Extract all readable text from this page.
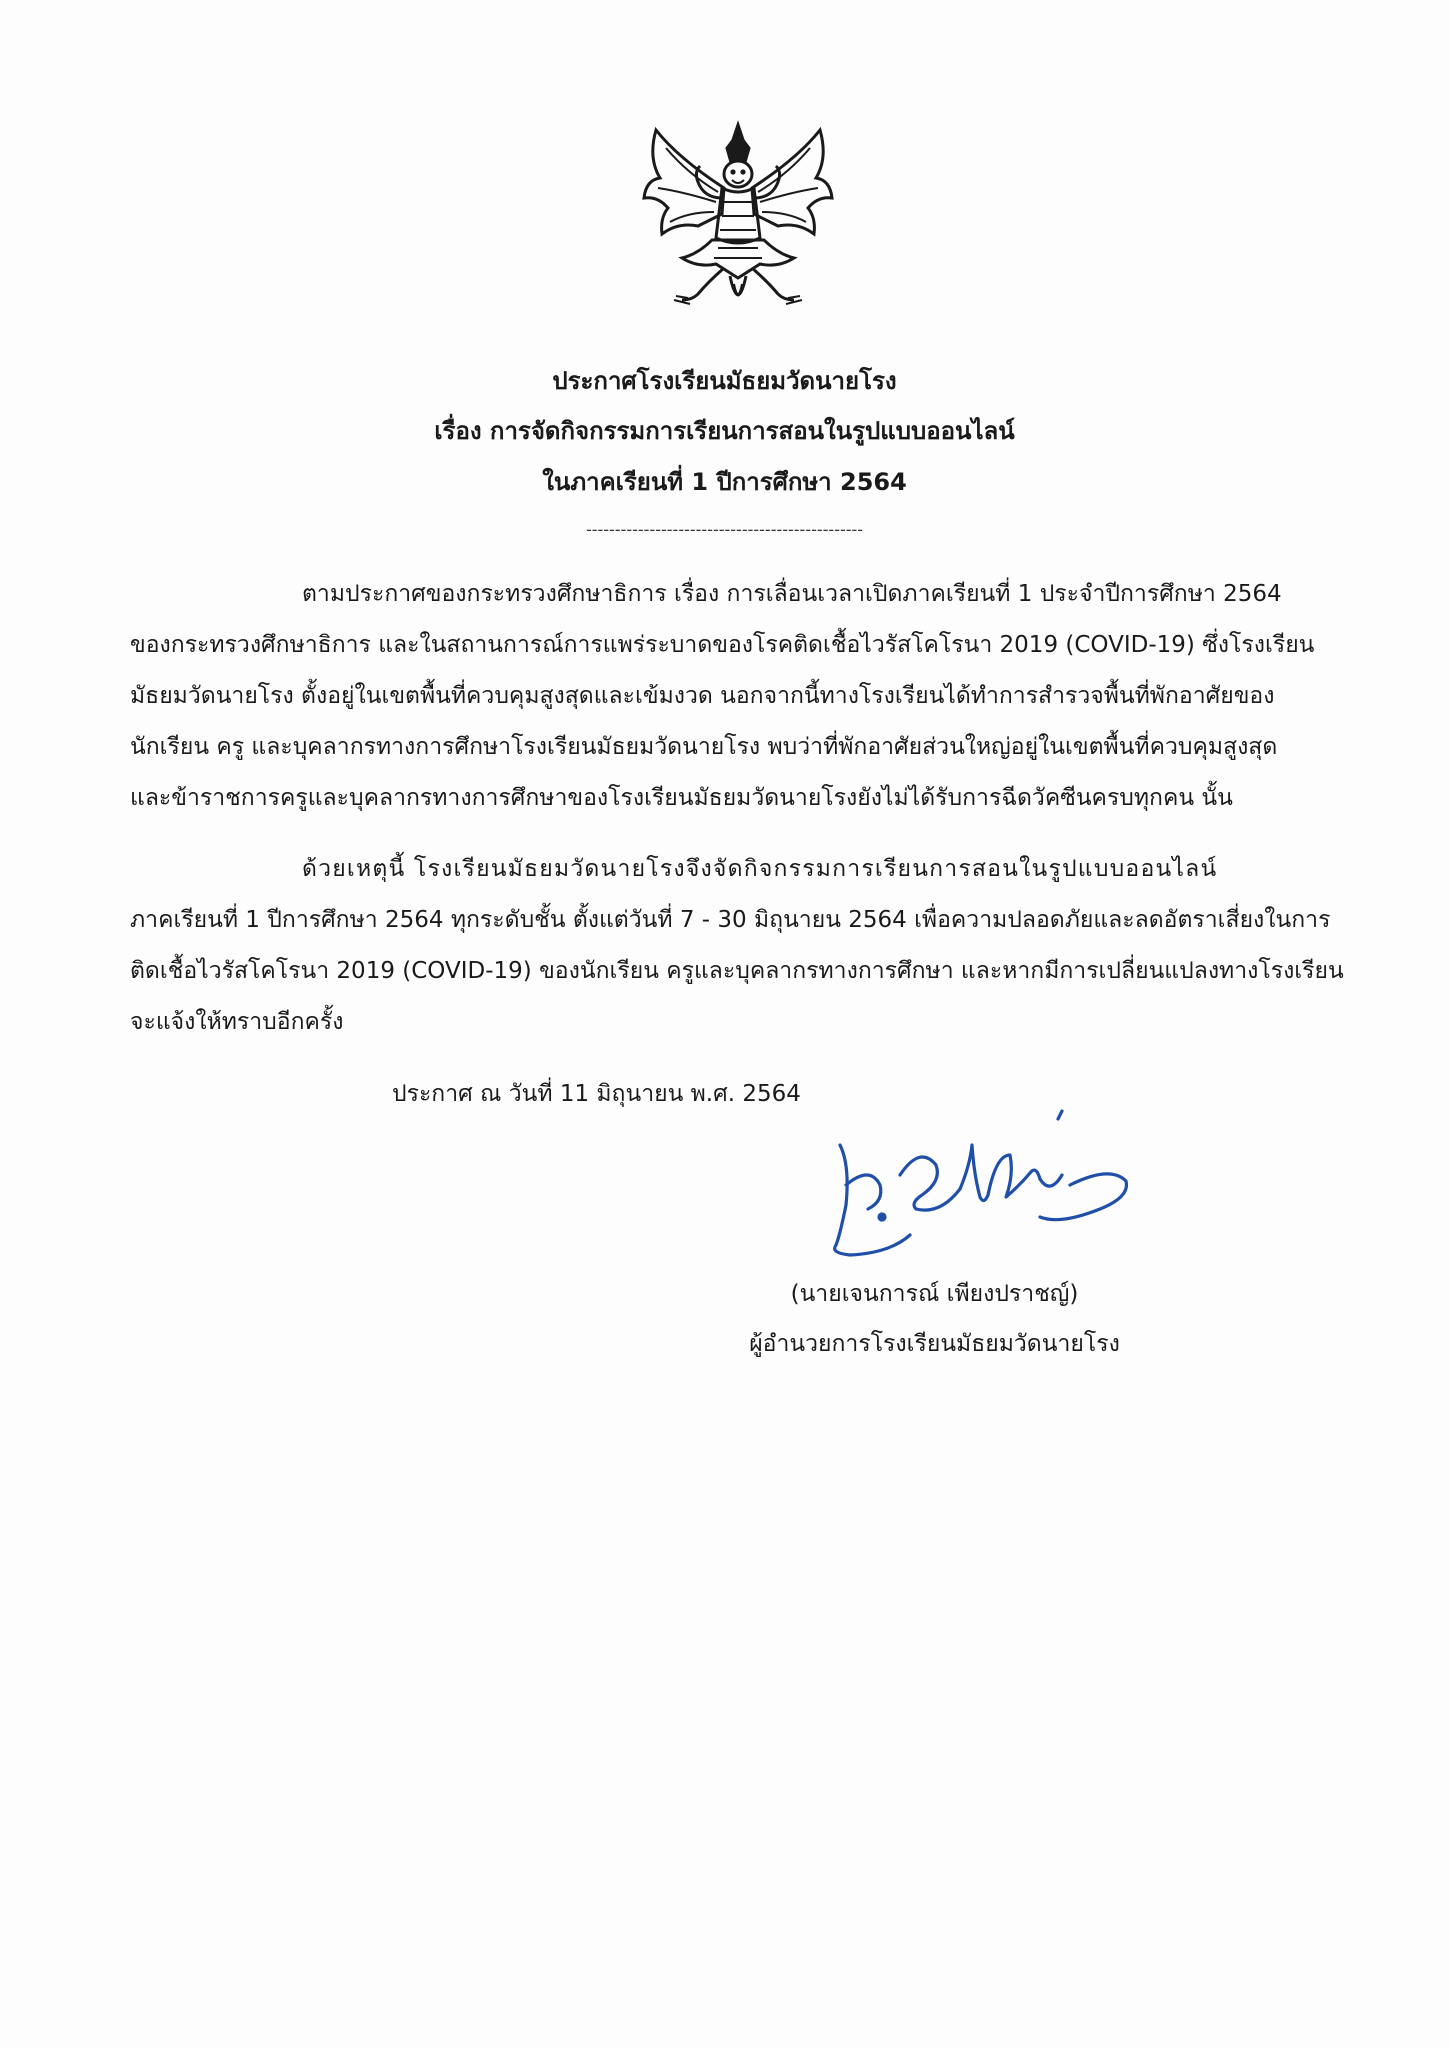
ประกาศโรงเรียนมัธยมวัดนายโรง
เรื่อง การจัดกิจกรรมการเรียนการสอนในรูปแบบออนไลน์
ในภาคเรียนที่ 1 ปีการศึกษา 2564
------------------------------------------------
ตามประกาศของกระทรวงศึกษาธิการ เรื่อง การเลื่อนเวลาเปิดภาคเรียนที่ 1 ประจำปีการศึกษา 2564
ของกระทรวงศึกษาธิการ และในสถานการณ์การแพร่ระบาดของโรคติดเชื้อไวรัสโคโรนา 2019 (COVID-19) ซึ่งโรงเรียน
มัธยมวัดนายโรง ตั้งอยู่ในเขตพื้นที่ควบคุมสูงสุดและเข้มงวด นอกจากนี้ทางโรงเรียนได้ทำการสำรวจพื้นที่พักอาศัยของ
นักเรียน ครู และบุคลากรทางการศึกษาโรงเรียนมัธยมวัดนายโรง พบว่าที่พักอาศัยส่วนใหญ่อยู่ในเขตพื้นที่ควบคุมสูงสุด
และข้าราชการครูและบุคลากรทางการศึกษาของโรงเรียนมัธยมวัดนายโรงยังไม่ได้รับการฉีดวัคซีนครบทุกคน นั้น
ด้วยเหตุนี้ โรงเรียนมัธยมวัดนายโรงจึงจัดกิจกรรมการเรียนการสอนในรูปแบบออนไลน์
ภาคเรียนที่ 1 ปีการศึกษา 2564 ทุกระดับชั้น ตั้งแต่วันที่ 7 - 30 มิถุนายน 2564 เพื่อความปลอดภัยและลดอัตราเสี่ยงในการ
ติดเชื้อไวรัสโคโรนา 2019 (COVID-19) ของนักเรียน ครูและบุคลากรทางการศึกษา และหากมีการเปลี่ยนแปลงทางโรงเรียน
จะแจ้งให้ทราบอีกครั้ง
ประกาศ ณ วันที่ 11 มิถุนายน พ.ศ. 2564
(นายเจนการณ์ เพียงปราชญ์)
ผู้อำนวยการโรงเรียนมัธยมวัดนายโรง
